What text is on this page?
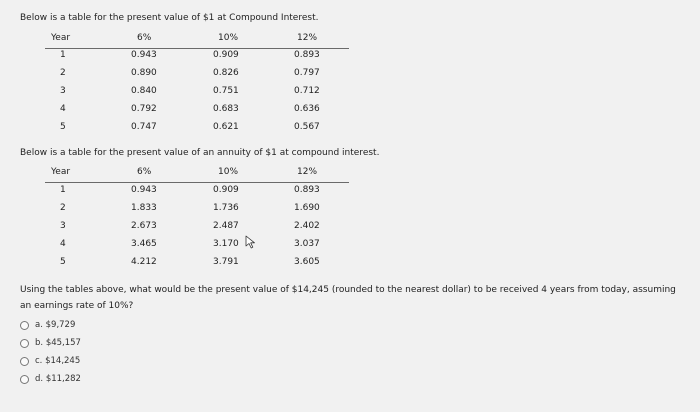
Below is a table for the present value of $1 at Compound Interest.
Year	6%	10%	12%
1	0.943	0.909	0.893
2	0.890	0.826	0.797
3	0.840	0.751	0.712
4	0.792	0.683	0.636
5	0.747	0.621	0.567
Below is a table for the present value of an annuity of $1 at compound interest.
Year	6%	10%	12%
1	0.943	0.909	0.893
2	1.833	1.736	1.690
3	2.673	2.487	2.402
4	3.465	3.170	3.037
5	4.212	3.791	3.605
Using the tables above, what would be the present value of $14,245 (rounded to the nearest dollar) to be received 4 years from today, assuming an earnings rate of 10%?
a.
$9,729
b.
$45,157
c.
$14,245
d.
$11,282
